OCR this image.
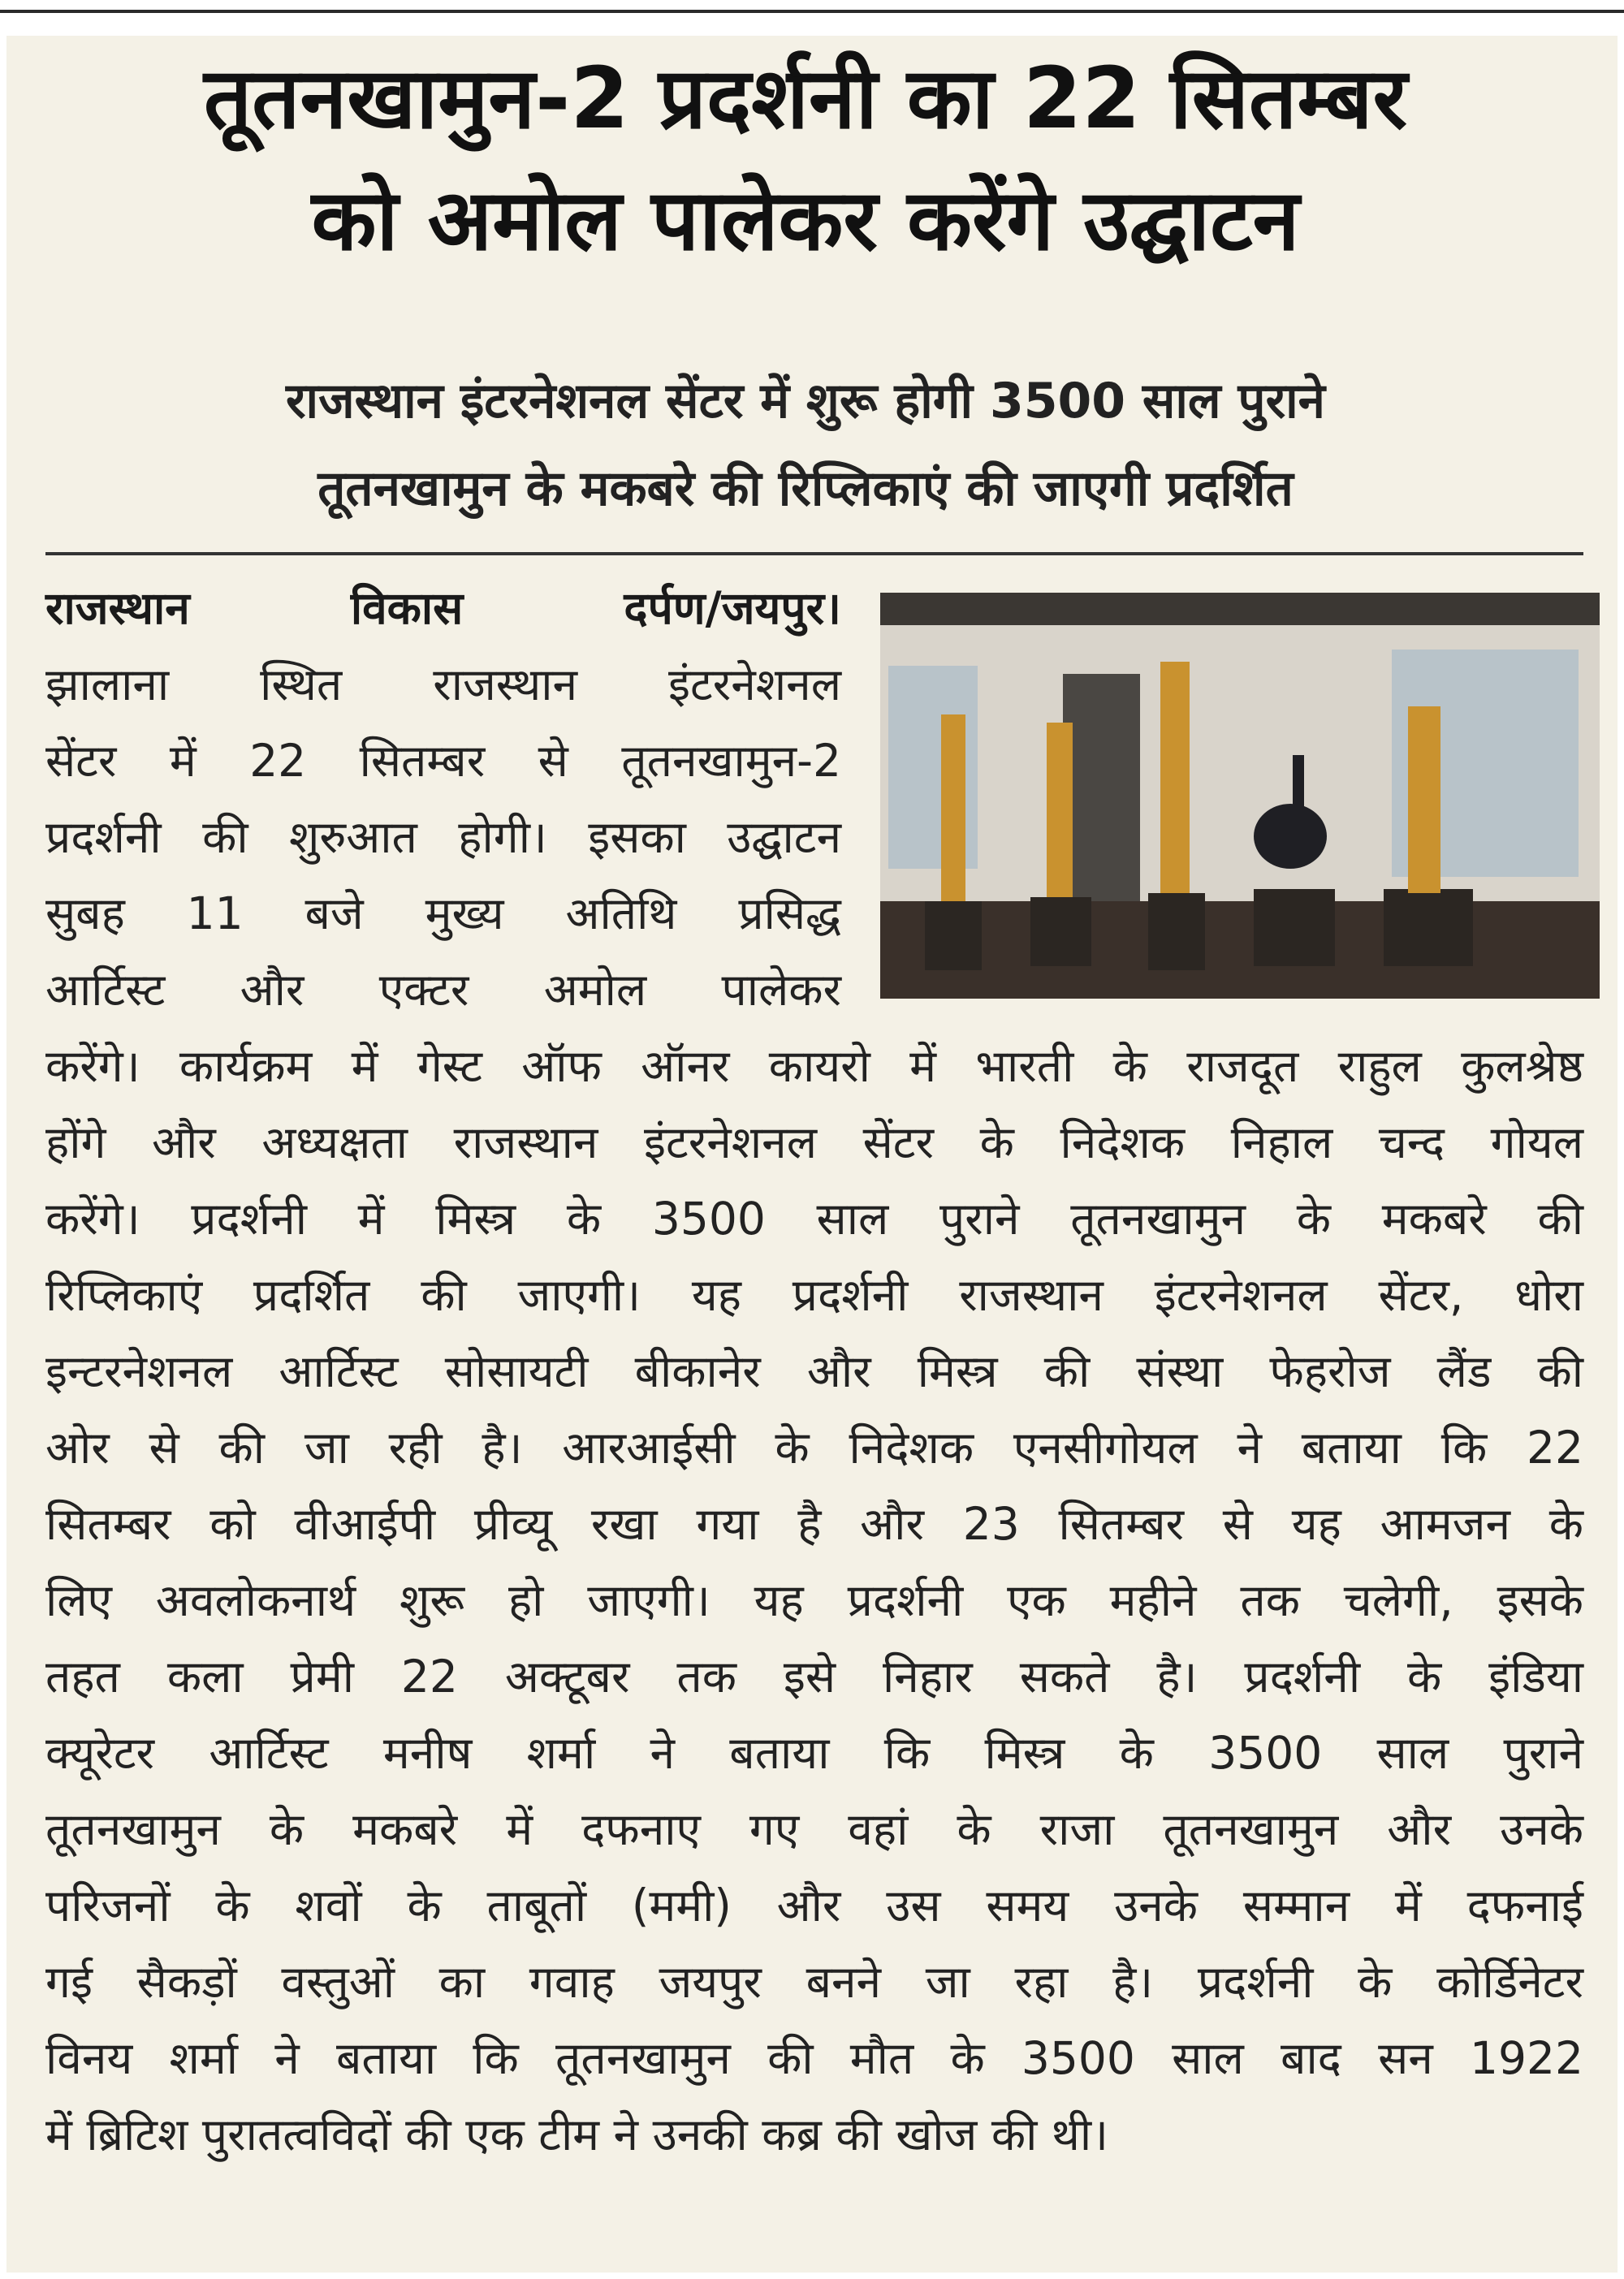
तूतनखामुन-2 प्रदर्शनी का 22 सितम्बर
को अमोल पालेकर करेंगे उद्घाटन
राजस्थान इंटरनेशनल सेंटर में शुरू होगी 3500 साल पुराने
तूतनखामुन के मकबरे की रिप्लिकाएं की जाएगी प्रदर्शित

राजस्थान विकास दर्पण/जयपुर।

झालाना स्थित राजस्थान इंटरनेशनल

सेंटर में 22 सितम्बर से तूतनखामुन-2

प्रदर्शनी की शुरुआत होगी। इसका उद्घाटन

सुबह 11 बजे मुख्य अतिथि प्रसिद्ध

आर्टिस्ट और एक्टर अमोल पालेकर

करेंगे। कार्यक्रम में गेस्ट ऑफ ऑनर कायरो में भारती के राजदूत राहुल कुलश्रेष्ठ

होंगे और अध्यक्षता राजस्थान इंटरनेशनल सेंटर के निदेशक निहाल चन्द गोयल

करेंगे। प्रदर्शनी में मिस्त्र के 3500 साल पुराने तूतनखामुन के मकबरे की

रिप्लिकाएं प्रदर्शित की जाएगी। यह प्रदर्शनी राजस्थान इंटरनेशनल सेंटर, धोरा

इन्टरनेशनल आर्टिस्ट सोसायटी बीकानेर और मिस्त्र की संस्था फेहरोज लैंड की

ओर से की जा रही है। आरआईसी के निदेशक एनसीगोयल ने बताया कि 22

सितम्बर को वीआईपी प्रीव्यू रखा गया है और 23 सितम्बर से यह आमजन के

लिए अवलोकनार्थ शुरू हो जाएगी। यह प्रदर्शनी एक महीने तक चलेगी, इसके

तहत कला प्रेमी 22 अक्टूबर तक इसे निहार सकते है। प्रदर्शनी के इंडिया

क्यूरेटर आर्टिस्ट मनीष शर्मा ने बताया कि मिस्त्र के 3500 साल पुराने

तूतनखामुन के मकबरे में दफनाए गए वहां के राजा तूतनखामुन और उनके

परिजनों के शवों के ताबूतों (ममी) और उस समय उनके सम्मान में दफनाई

गई सैकड़ों वस्तुओं का गवाह जयपुर बनने जा रहा है। प्रदर्शनी के कोर्डिनेटर

विनय शर्मा ने बताया कि तूतनखामुन की मौत के 3500 साल बाद सन 1922

में ब्रिटिश पुरातत्वविदों की एक टीम ने उनकी कब्र की खोज की थी।
